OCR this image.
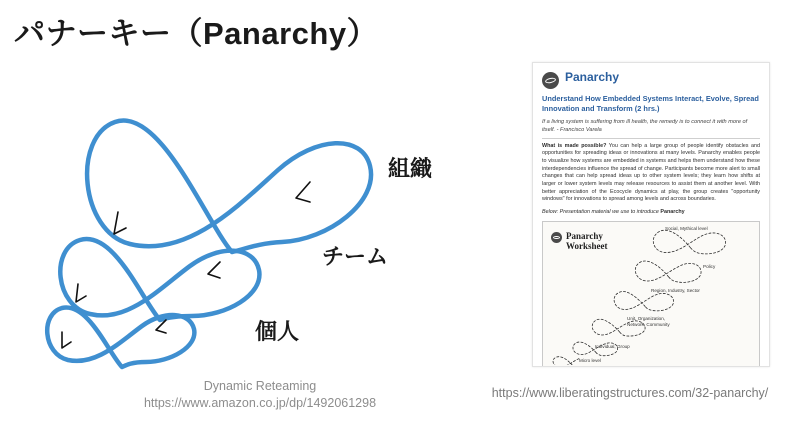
パナーキー（Panarchy）
組織
チーム
個人
Dynamic Reteaming
https://www.amazon.co.jp/dp/1492061298
Panarchy
Understand How Embedded Systems Interact, Evolve, Spread Innovation and Transform (2 hrs.)
If a living system is suffering from ill health, the remedy is to connect it with more of itself. - Francisco Varela
What is made possible? You can help a large group of people identify obstacles and opportunities for spreading ideas or innovations at many levels. Panarchy enables people to visualize how systems are embedded in systems and helps them understand how these interdependencies influence the spread of change. Participants become more alert to small changes that can help spread ideas up to other system levels; they learn how shifts at larger or lower system levels may release resources to assist them at another level. With better appreciation of the Ecocycle dynamics at play, the group creates "opportunity windows" for innovations to spread among levels and across boundaries.
Below: Presentation material we use to introduce Panarchy
Panarchy
Worksheet
Social, Mythical level
Policy
Region, Industry, Sector
Unit, Organization, Network, Community
Individual, Group
Micro level
https://www.liberatingstructures.com/32-panarchy/
